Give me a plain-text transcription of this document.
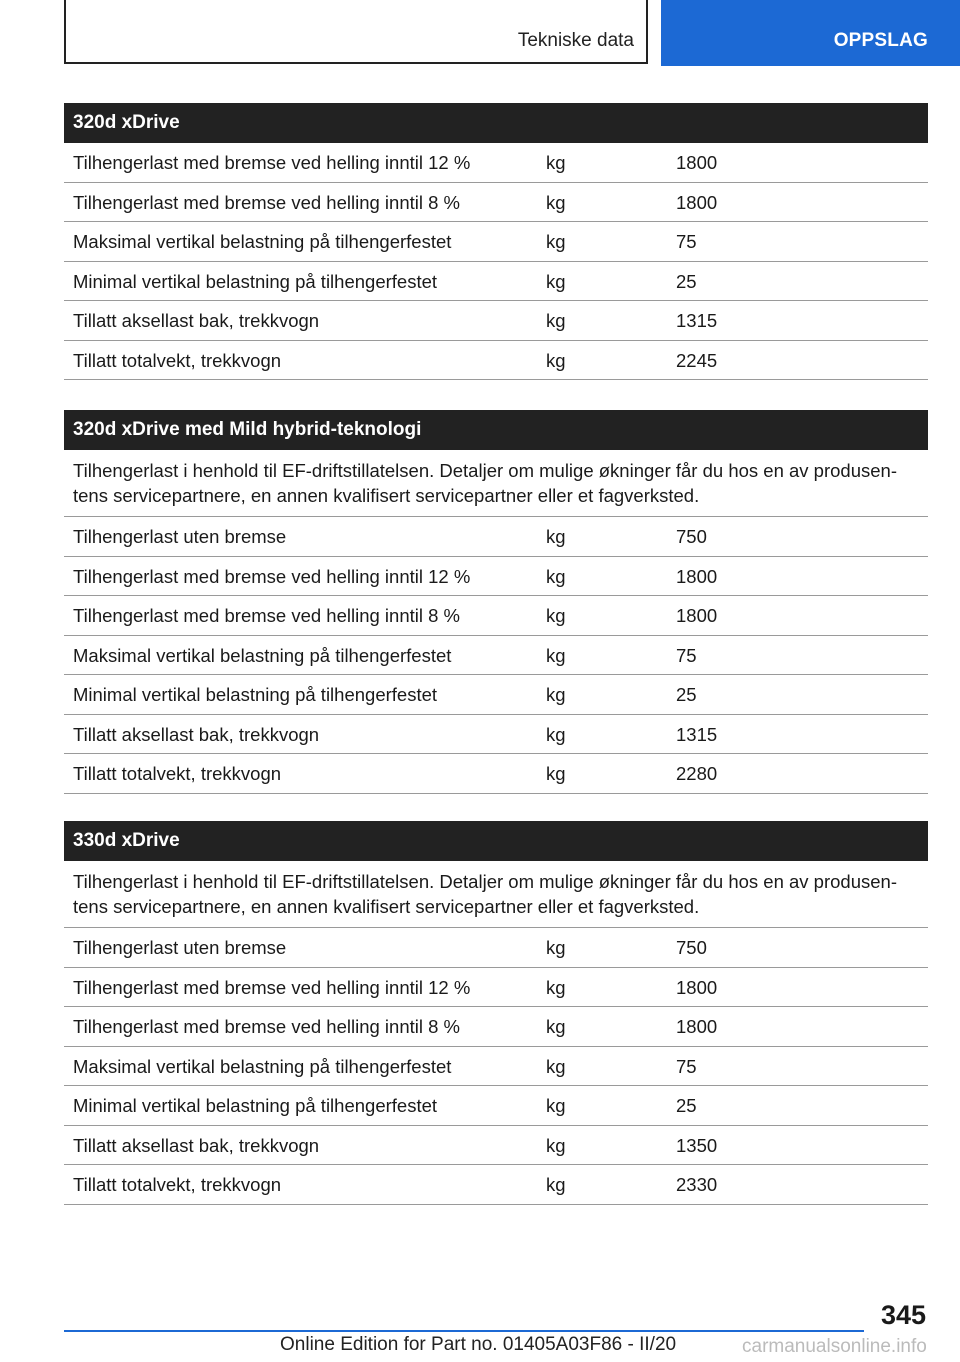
Tekniske data	OPPSLAG
320d xDrive
Tilhengerlast med bremse ved helling inntil 12 %	kg	1800
Tilhengerlast med bremse ved helling inntil 8 %	kg	1800
Maksimal vertikal belastning på tilhengerfestet	kg	75
Minimal vertikal belastning på tilhengerfestet	kg	25
Tillatt aksellast bak, trekkvogn	kg	1315
Tillatt totalvekt, trekkvogn	kg	2245
320d xDrive med Mild hybrid-teknologi
Tilhengerlast i henhold til EF-driftstillatelsen. Detaljer om mulige økninger får du hos en av produsen-tens servicepartnere, en annen kvalifisert servicepartner eller et fagverksted.
Tilhengerlast uten bremse	kg	750
Tilhengerlast med bremse ved helling inntil 12 %	kg	1800
Tilhengerlast med bremse ved helling inntil 8 %	kg	1800
Maksimal vertikal belastning på tilhengerfestet	kg	75
Minimal vertikal belastning på tilhengerfestet	kg	25
Tillatt aksellast bak, trekkvogn	kg	1315
Tillatt totalvekt, trekkvogn	kg	2280
330d xDrive
Tilhengerlast i henhold til EF-driftstillatelsen. Detaljer om mulige økninger får du hos en av produsen-tens servicepartnere, en annen kvalifisert servicepartner eller et fagverksted.
Tilhengerlast uten bremse	kg	750
Tilhengerlast med bremse ved helling inntil 12 %	kg	1800
Tilhengerlast med bremse ved helling inntil 8 %	kg	1800
Maksimal vertikal belastning på tilhengerfestet	kg	75
Minimal vertikal belastning på tilhengerfestet	kg	25
Tillatt aksellast bak, trekkvogn	kg	1350
Tillatt totalvekt, trekkvogn	kg	2330
345
Online Edition for Part no. 01405A03F86 - II/20	carmanualsonline.info
